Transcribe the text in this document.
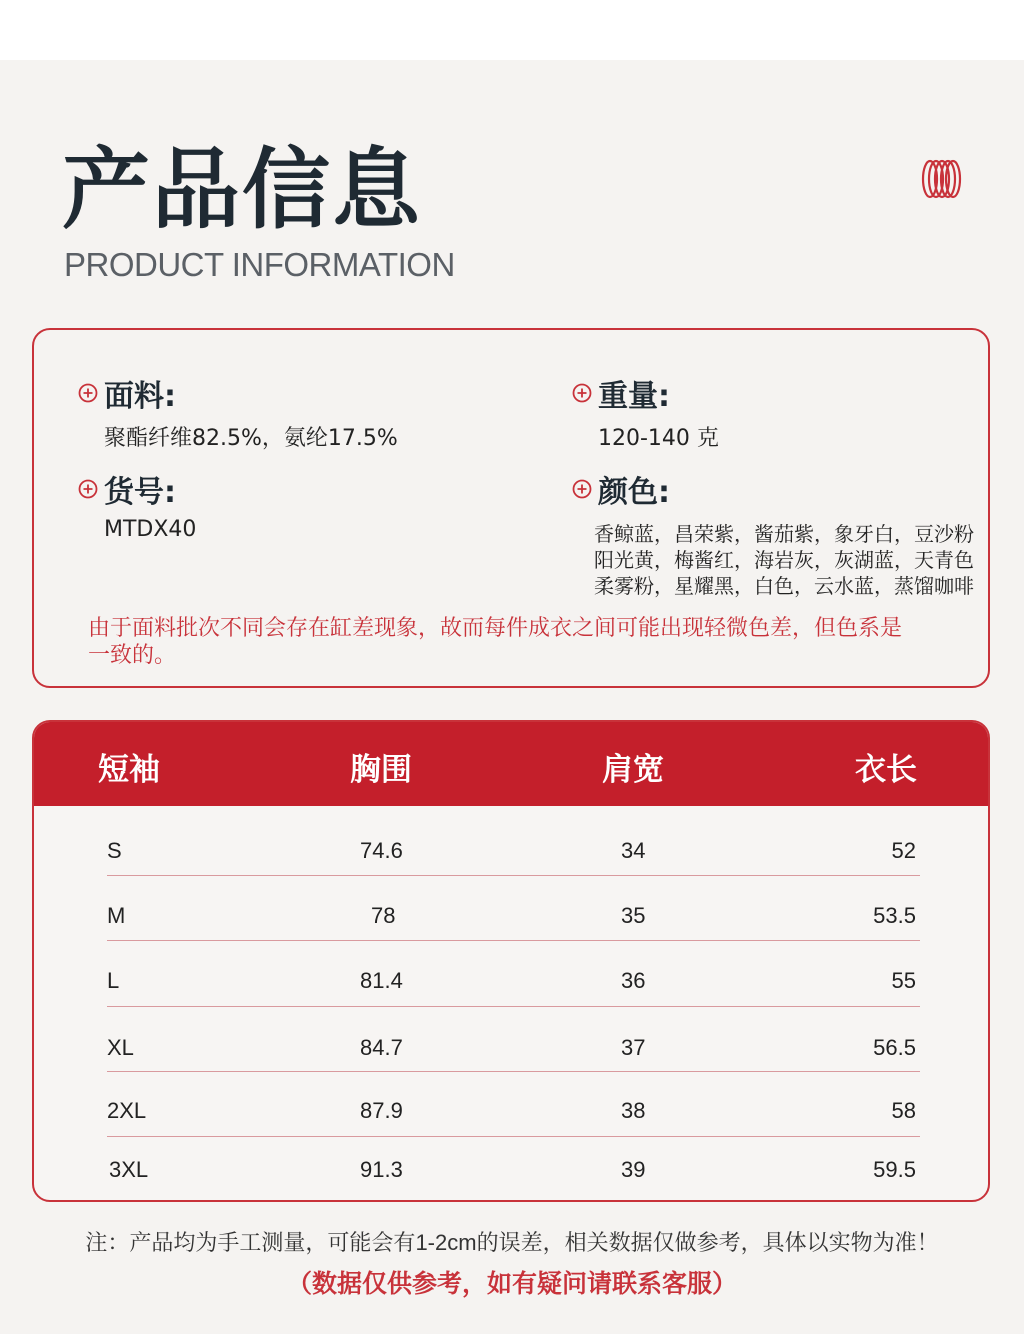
产品信息
PRODUCT INFORMATION
面料:
聚酯纤维82.5%，氨纶17.5%
重量:
120-140 克
货号:
MTDX40
颜色:
香鲸蓝，昌荣紫，酱茄紫，象牙白，豆沙粉
阳光黄，梅酱红，海岩灰，灰湖蓝，天青色
柔雾粉，星耀黑，白色，云水蓝，蒸馏咖啡
由于面料批次不同会存在缸差现象，故而每件成衣之间可能出现轻微色差，但色系是
一致的。
短袖	胸围	肩宽	衣长
S	74.6	34	52
M	78	35	53.5
L	81.4	36	55
XL	84.7	37	56.5
2XL	87.9	38	58
3XL	91.3	39	59.5
注：产品均为手工测量，可能会有1-2cm的误差，相关数据仅做参考，具体以实物为准！
（数据仅供参考，如有疑问请联系客服）
